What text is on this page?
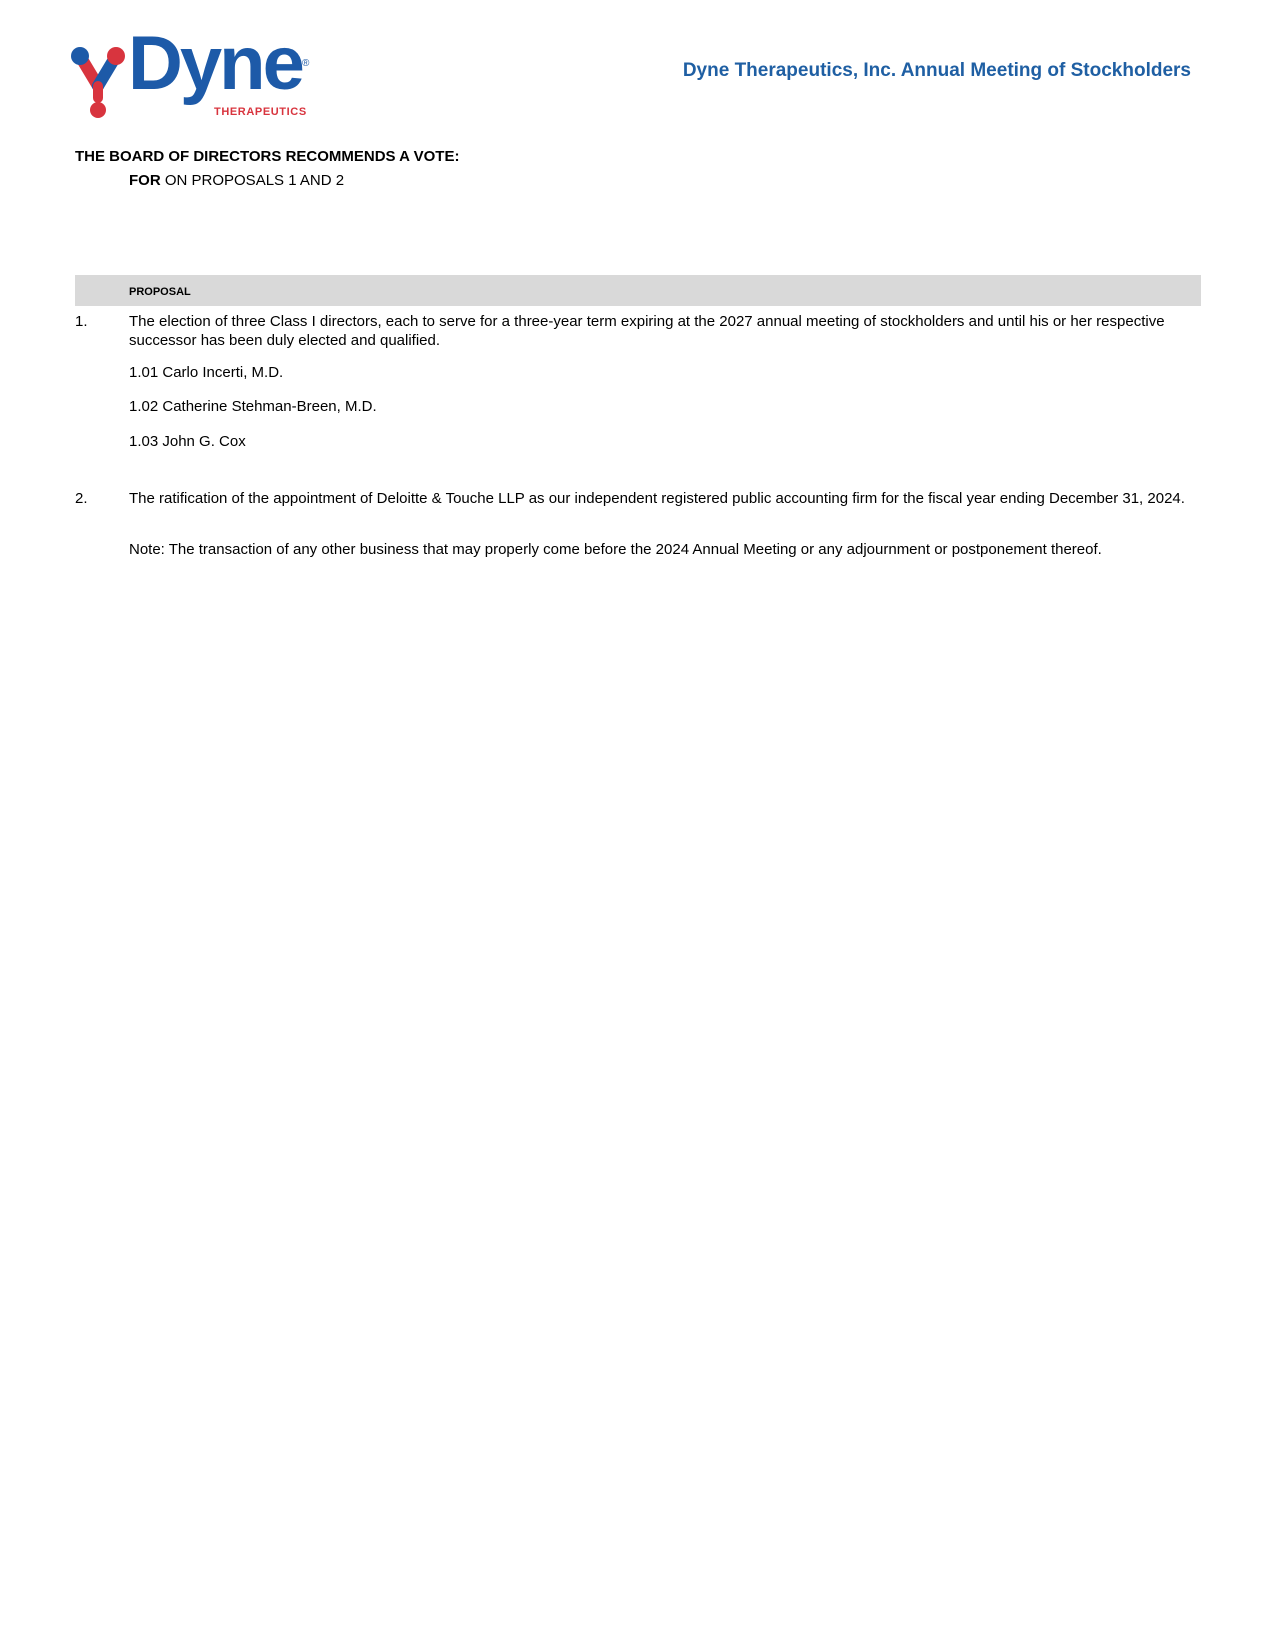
Dyne ®
THERAPEUTICS
Dyne Therapeutics, Inc. Annual Meeting of Stockholders
THE BOARD OF DIRECTORS RECOMMENDS A VOTE:
FOR ON PROPOSALS 1 AND 2
PROPOSAL
1.	The election of three Class I directors, each to serve for a three-year term expiring at the 2027 annual meeting of stockholders and until his or her respective successor has been duly elected and qualified.
1.01 Carlo Incerti, M.D.
1.02 Catherine Stehman-Breen, M.D.
1.03 John G. Cox
2.	The ratification of the appointment of Deloitte & Touche LLP as our independent registered public accounting firm for the fiscal year ending December 31, 2024.
Note: The transaction of any other business that may properly come before the 2024 Annual Meeting or any adjournment or postponement thereof.
